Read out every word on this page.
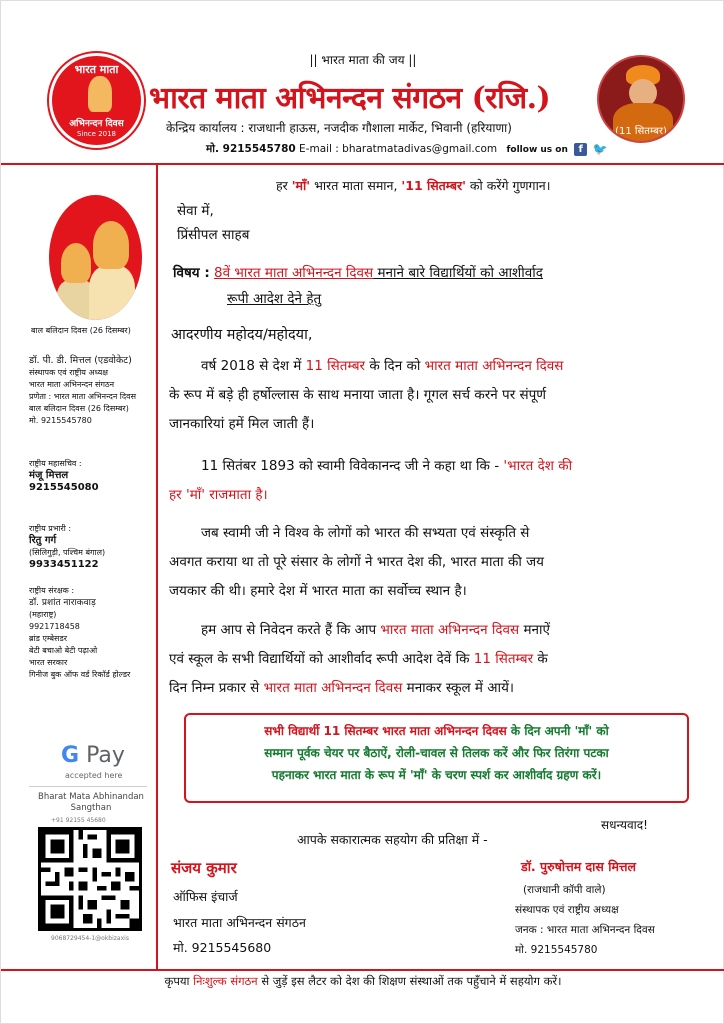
भारत माता
अभिनन्दन दिवस
Since 2018
|| भारत माता की जय ||
भारत माता अभिनन्दन संगठन (रजि.)
केन्द्रिय कार्यालय : राजधानी हाऊस, नजदीक गौशाला मार्केट, भिवानी (हरियाणा)
मो. 9215545780 E-mail : bharatmatadivas@gmail.com follow us on f 🐦
(11 सितम्बर)
बाल बलिदान दिवस (26 दिसम्बर)
डॉ. पी. डी. मित्तल (एडवोकेट)
संस्थापक एवं राष्ट्रीय अध्यक्ष
भारत माता अभिनन्दन संगठन
प्रणेता : भारत माता अभिनन्दन दिवस
बाल बलिदान दिवस (26 दिसम्बर)
मो. 9215545780
राष्ट्रीय महासचिव :
मंजू मित्तल
9215545080
राष्ट्रीय प्रभारी :
रितु गर्ग
(सिलिगुड़ी, पश्चिम बंगाल)
9933451122
राष्ट्रीय संरक्षक :
डॉ. प्रशांत नाराकवाड़
(महाराष्ट्र)
9921718458
ब्रांड एम्बेसडर
बेटी बचाओ बेटी पढ़ाओ
भारत सरकार
गिनीज बुक ऑफ वर्ड रिकॉर्ड होल्डर
G Pay
accepted here
Bharat Mata Abhinandan Sangthan
+91 92155 45680
9068729454-1@okbizaxis
हर 'माँ' भारत माता समान, '11 सितम्बर' को करेंगे गुणगान।
सेवा में,
प्रिंसीपल साहब
विषय : 8वें भारत माता अभिनन्दन दिवस मनाने बारे विद्यार्थियों को आशीर्वाद
रूपी आदेश देने हेतु
आदरणीय महोदय/महोदया,
वर्ष 2018 से देश में 11 सितम्बर के दिन को भारत माता अभिनन्दन दिवस
के रूप में बड़े ही हर्षोल्लास के साथ मनाया जाता है। गूगल सर्च करने पर संपूर्ण
जानकारियां हमें मिल जाती हैं।
11 सितंबर 1893 को स्वामी विवेकानन्द जी ने कहा था कि - 'भारत देश की
हर 'माँ' राजमाता है।
जब स्वामी जी ने विश्व के लोगों को भारत की सभ्यता एवं संस्कृति से
अवगत कराया था तो पूरे संसार के लोगों ने भारत देश की, भारत माता की जय
जयकार की थी। हमारे देश में भारत माता का सर्वोच्च स्थान है।
हम आप से निवेदन करते हैं कि आप भारत माता अभिनन्दन दिवस मनाऐं
एवं स्कूल के सभी विद्यार्थियों को आशीर्वाद रूपी आदेश देवें कि 11 सितम्बर के
दिन निम्न प्रकार से भारत माता अभिनन्दन दिवस मनाकर स्कूल में आयें।
सभी विद्यार्थी 11 सितम्बर भारत माता अभिनन्दन दिवस के दिन अपनी 'माँ' को
सम्मान पूर्वक चेयर पर बैठाऐं, रोली-चावल से तिलक करें और फिर तिरंगा पटका
पहनाकर भारत माता के रूप में 'माँ' के चरण स्पर्श कर आशीर्वाद ग्रहण करें।
सधन्यवाद!
आपके सकारात्मक सहयोग की प्रतिक्षा में -
संजय कुमार
ऑफिस इंचार्ज
भारत माता अभिनन्दन संगठन
मो. 9215545680
डॉ. पुरुषोत्तम दास मित्तल
(राजधानी कॉपी वाले)
संस्थापक एवं राष्ट्रीय अध्यक्ष
जनक : भारत माता अभिनन्दन दिवस
मो. 9215545780
कृपया निःशुल्क संगठन से जुड़ें इस लैटर को देश की शिक्षण संस्थाओं तक पहुँचाने में सहयोग करें।
